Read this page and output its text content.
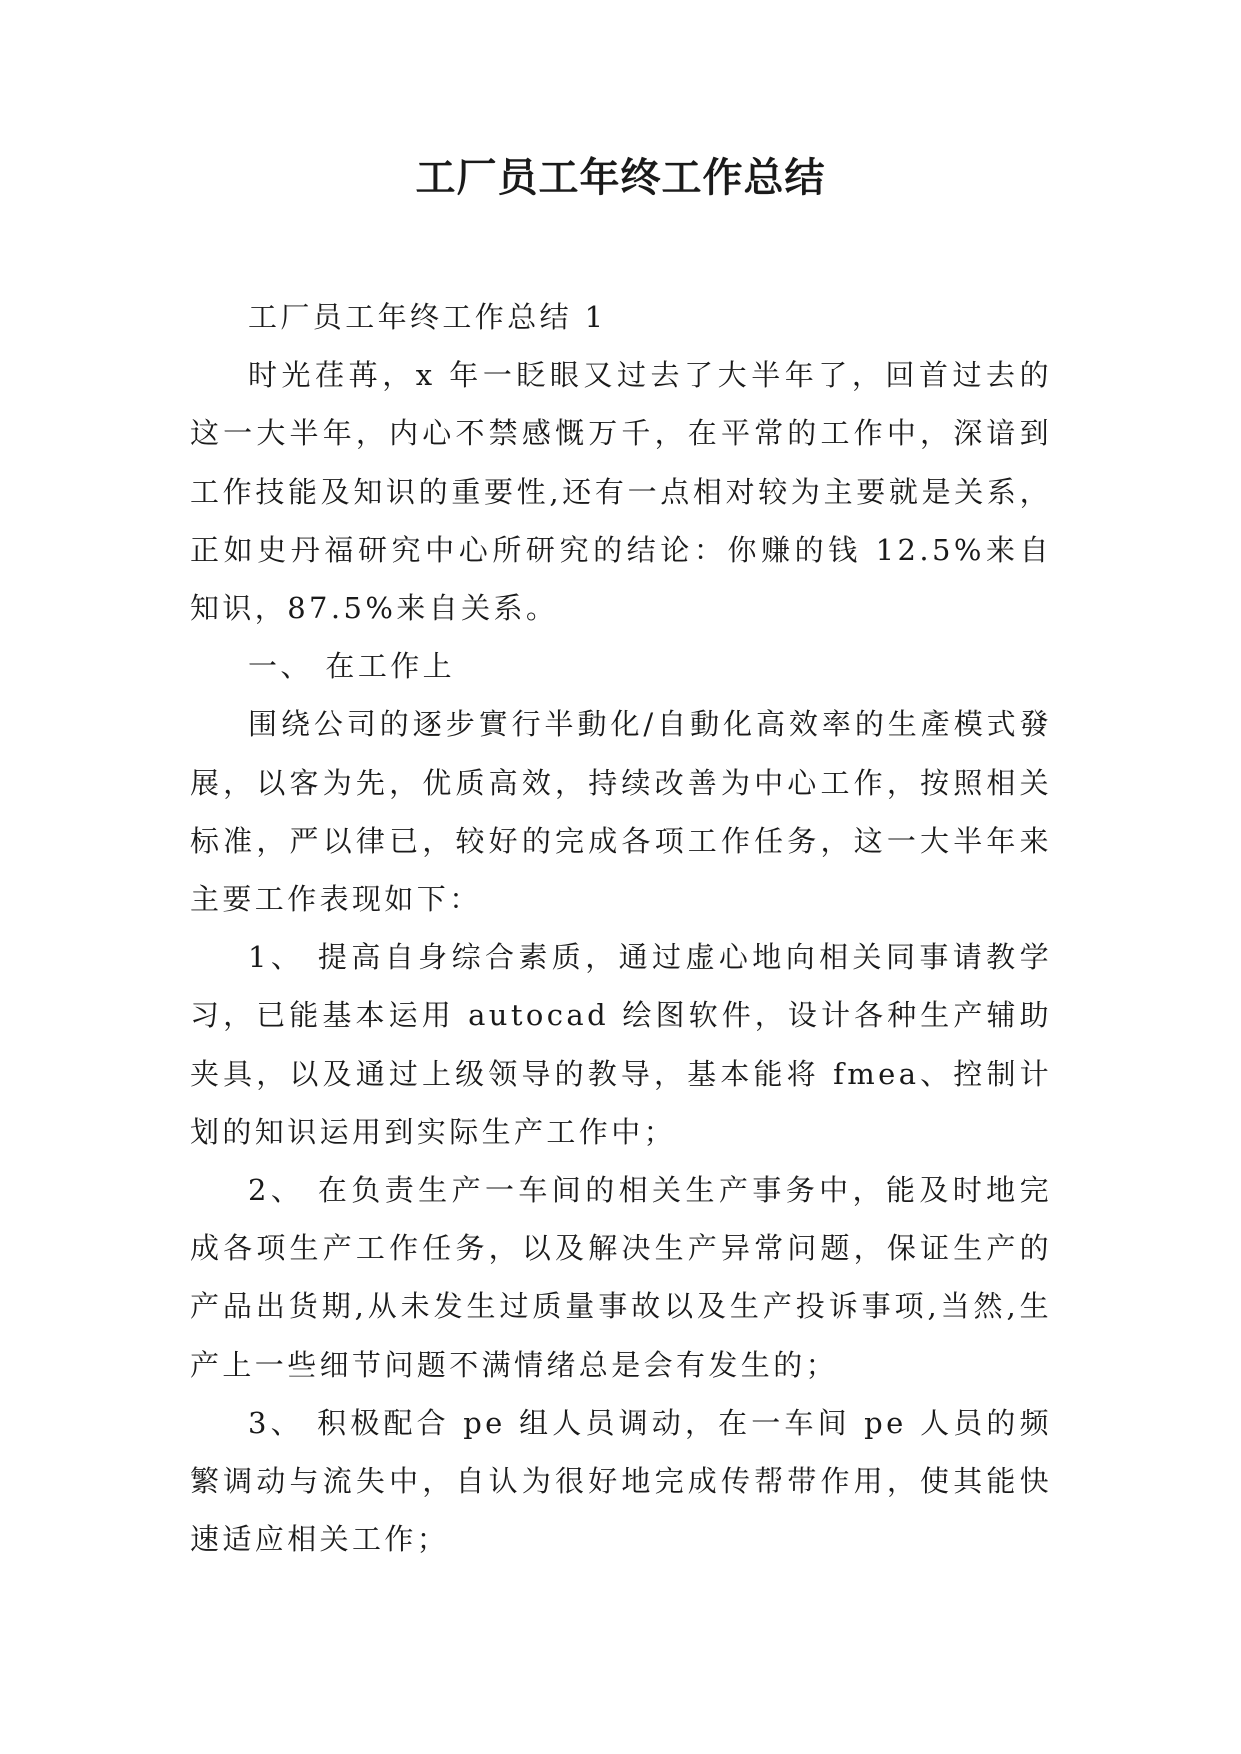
工厂员工年终工作总结

工厂员工年终工作总结 1

时光荏苒，x 年一眨眼又过去了大半年了，回首过去的这一大半年，内心不禁感慨万千，在平常的工作中，深谙到工作技能及知识的重要性,还有一点相对较为主要就是关系，正如史丹福研究中心所研究的结论：你赚的钱 12.5%来自知识，87.5%来自关系。

一、 在工作上

围绕公司的逐步實行半動化/自動化高效率的生產模式發展，以客为先，优质高效，持续改善为中心工作，按照相关标准，严以律已，较好的完成各项工作任务，这一大半年来主要工作表现如下：

1、 提高自身综合素质，通过虚心地向相关同事请教学习，已能基本运用 autocad 绘图软件，设计各种生产辅助夹具，以及通过上级领导的教导，基本能将 fmea、控制计划的知识运用到实际生产工作中；

2、 在负责生产一车间的相关生产事务中，能及时地完成各项生产工作任务，以及解决生产异常问题，保证生产的产品出货期,从未发生过质量事故以及生产投诉事项,当然,生产上一些细节问题不满情绪总是会有发生的；

3、 积极配合 pe 组人员调动，在一车间 pe 人员的频繁调动与流失中，自认为很好地完成传帮带作用，使其能快速适应相关工作；
